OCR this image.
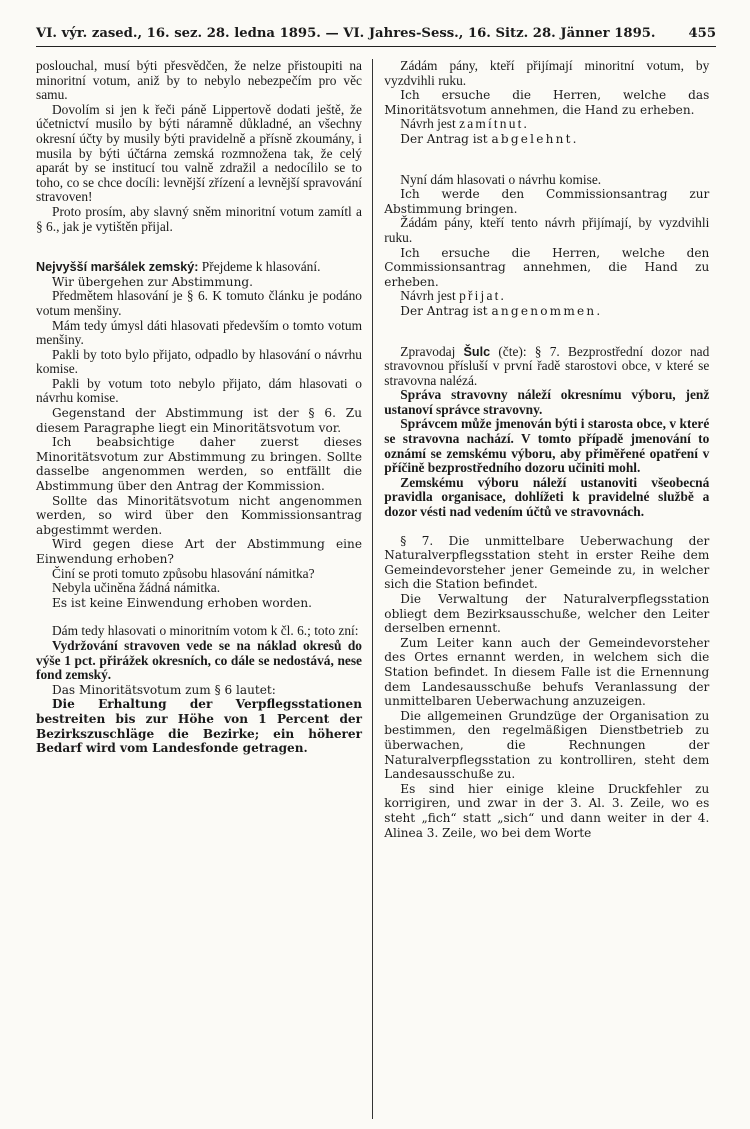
VI. výr. zased., 16. sez. 28. ledna 1895. — VI. Jahres-Sess., 16. Sitz. 28. Jänner 1895. 455

poslouchal, musí býti přesvědčen, že nelze přistoupiti na minoritní votum, aniž by to nebylo nebezpečím pro věc samu.

Dovolím si jen k řeči páně Lippertově dodati ještě, že účetnictví musilo by býti náramně důkladné, an všechny okresní účty by musily býti pravidelně a přísně zkoumány, i musila by býti účtárna zemská rozmnožena tak, že celý aparát by se institucí tou valně zdražil a nedocílilo se to toho, co se chce docíli: levnější zřízení a levnější spravování stravoven!

Proto prosím, aby slavný sněm minoritní votum zamítl a § 6., jak je vytištěn přijal.

Nejvyšší maršálek zemský: Přejdeme k hlasování.

Wir übergehen zur Abstimmung.

Předmětem hlasování je § 6. K tomuto článku je podáno votum menšiny.

Mám tedy úmysl dáti hlasovati především o tomto votum menšiny.

Pakli by toto bylo přijato, odpadlo by hlasování o návrhu komise.

Pakli by votum toto nebylo přijato, dám hlasovati o návrhu komise.

Gegenstand der Abstimmung ist der § 6. Zu diesem Paragraphe liegt ein Minoritätsvotum vor.

Ich beabsichtige daher zuerst dieses Minoritätsvotum zur Abstimmung zu bringen. Sollte dasselbe angenommen werden, so entfällt die Abstimmung über den Antrag der Kommission.

Sollte das Minoritätsvotum nicht angenommen werden, so wird über den Kommissionsantrag abgestimmt werden.

Wird gegen diese Art der Abstimmung eine Einwendung erhoben?

Činí se proti tomuto způsobu hlasování námitka?

Nebyla učiněna žádná námitka.

Es ist keine Einwendung erhoben worden.

Dám tedy hlasovati o minoritním votom k čl. 6.; toto zní:

Vydržování stravoven vede se na náklad okresů do výše 1 pct. přirážek okresních, co dále se nedostává, nese fond zemský.

Das Minoritätsvotum zum § 6 lautet:

Die Erhaltung der Verpflegsstationen bestreiten bis zur Höhe von 1 Percent der Bezirkszuschläge die Bezirke; ein höherer Bedarf wird vom Landesfonde getragen.

Zádám pány, kteří přijímají minoritní votum, by vyzdvihli ruku.

Ich ersuche die Herren, welche das Minoritätsvotum annehmen, die Hand zu erheben.

Návrh jest zamítnut.

Der Antrag ist abgelehnt.

Nyní dám hlasovati o návrhu komise.

Ich werde den Commissionsantrag zur Abstimmung bringen.

Žádám pány, kteří tento návrh přijímají, by vyzdvihli ruku.

Ich ersuche die Herren, welche den Commissionsantrag annehmen, die Hand zu erheben.

Návrh jest přijat.

Der Antrag ist angenommen.

Zpravodaj Šulc (čte): § 7. Bezprostřední dozor nad stravovnou přísluší v první řadě starostovi obce, v které se stravovna nalézá.

Správa stravovny náleží okresnímu výboru, jenž ustanoví správce stravovny.

Správcem může jmenován býti i starosta obce, v které se stravovna nachází. V tomto případě jmenování to oznámí se zemskému výboru, aby přiměřené opatření v příčině bezprostředního dozoru učiniti mohl.

Zemskému výboru náleží ustanoviti všeobecná pravidla organisace, dohlížeti k pravidelné službě a dozor vésti nad vedením účtů ve stravovnách.

§ 7. Die unmittelbare Ueberwachung der Naturalverpflegsstation steht in erster Reihe dem Gemeindevorsteher jener Gemeinde zu, in welcher sich die Station befindet.

Die Verwaltung der Naturalverpflegsstation obliegt dem Bezirksausschuße, welcher den Leiter derselben ernennt.

Zum Leiter kann auch der Gemeindevorsteher des Ortes ernannt werden, in welchem sich die Station befindet. In diesem Falle ist die Ernennung dem Landesausschuße behufs Veranlassung der unmittelbaren Ueberwachung anzuzeigen.

Die allgemeinen Grundzüge der Organisation zu bestimmen, den regelmäßigen Dienstbetrieb zu überwachen, die Rechnungen der Naturalverpflegsstation zu kontrolliren, steht dem Landesausschuße zu.

Es sind hier einige kleine Druckfehler zu korrigiren, und zwar in der 3. Al. 3. Zeile, wo es steht „fich“ statt „sich“ und dann weiter in der 4. Alinea 3. Zeile, wo bei dem Worte
